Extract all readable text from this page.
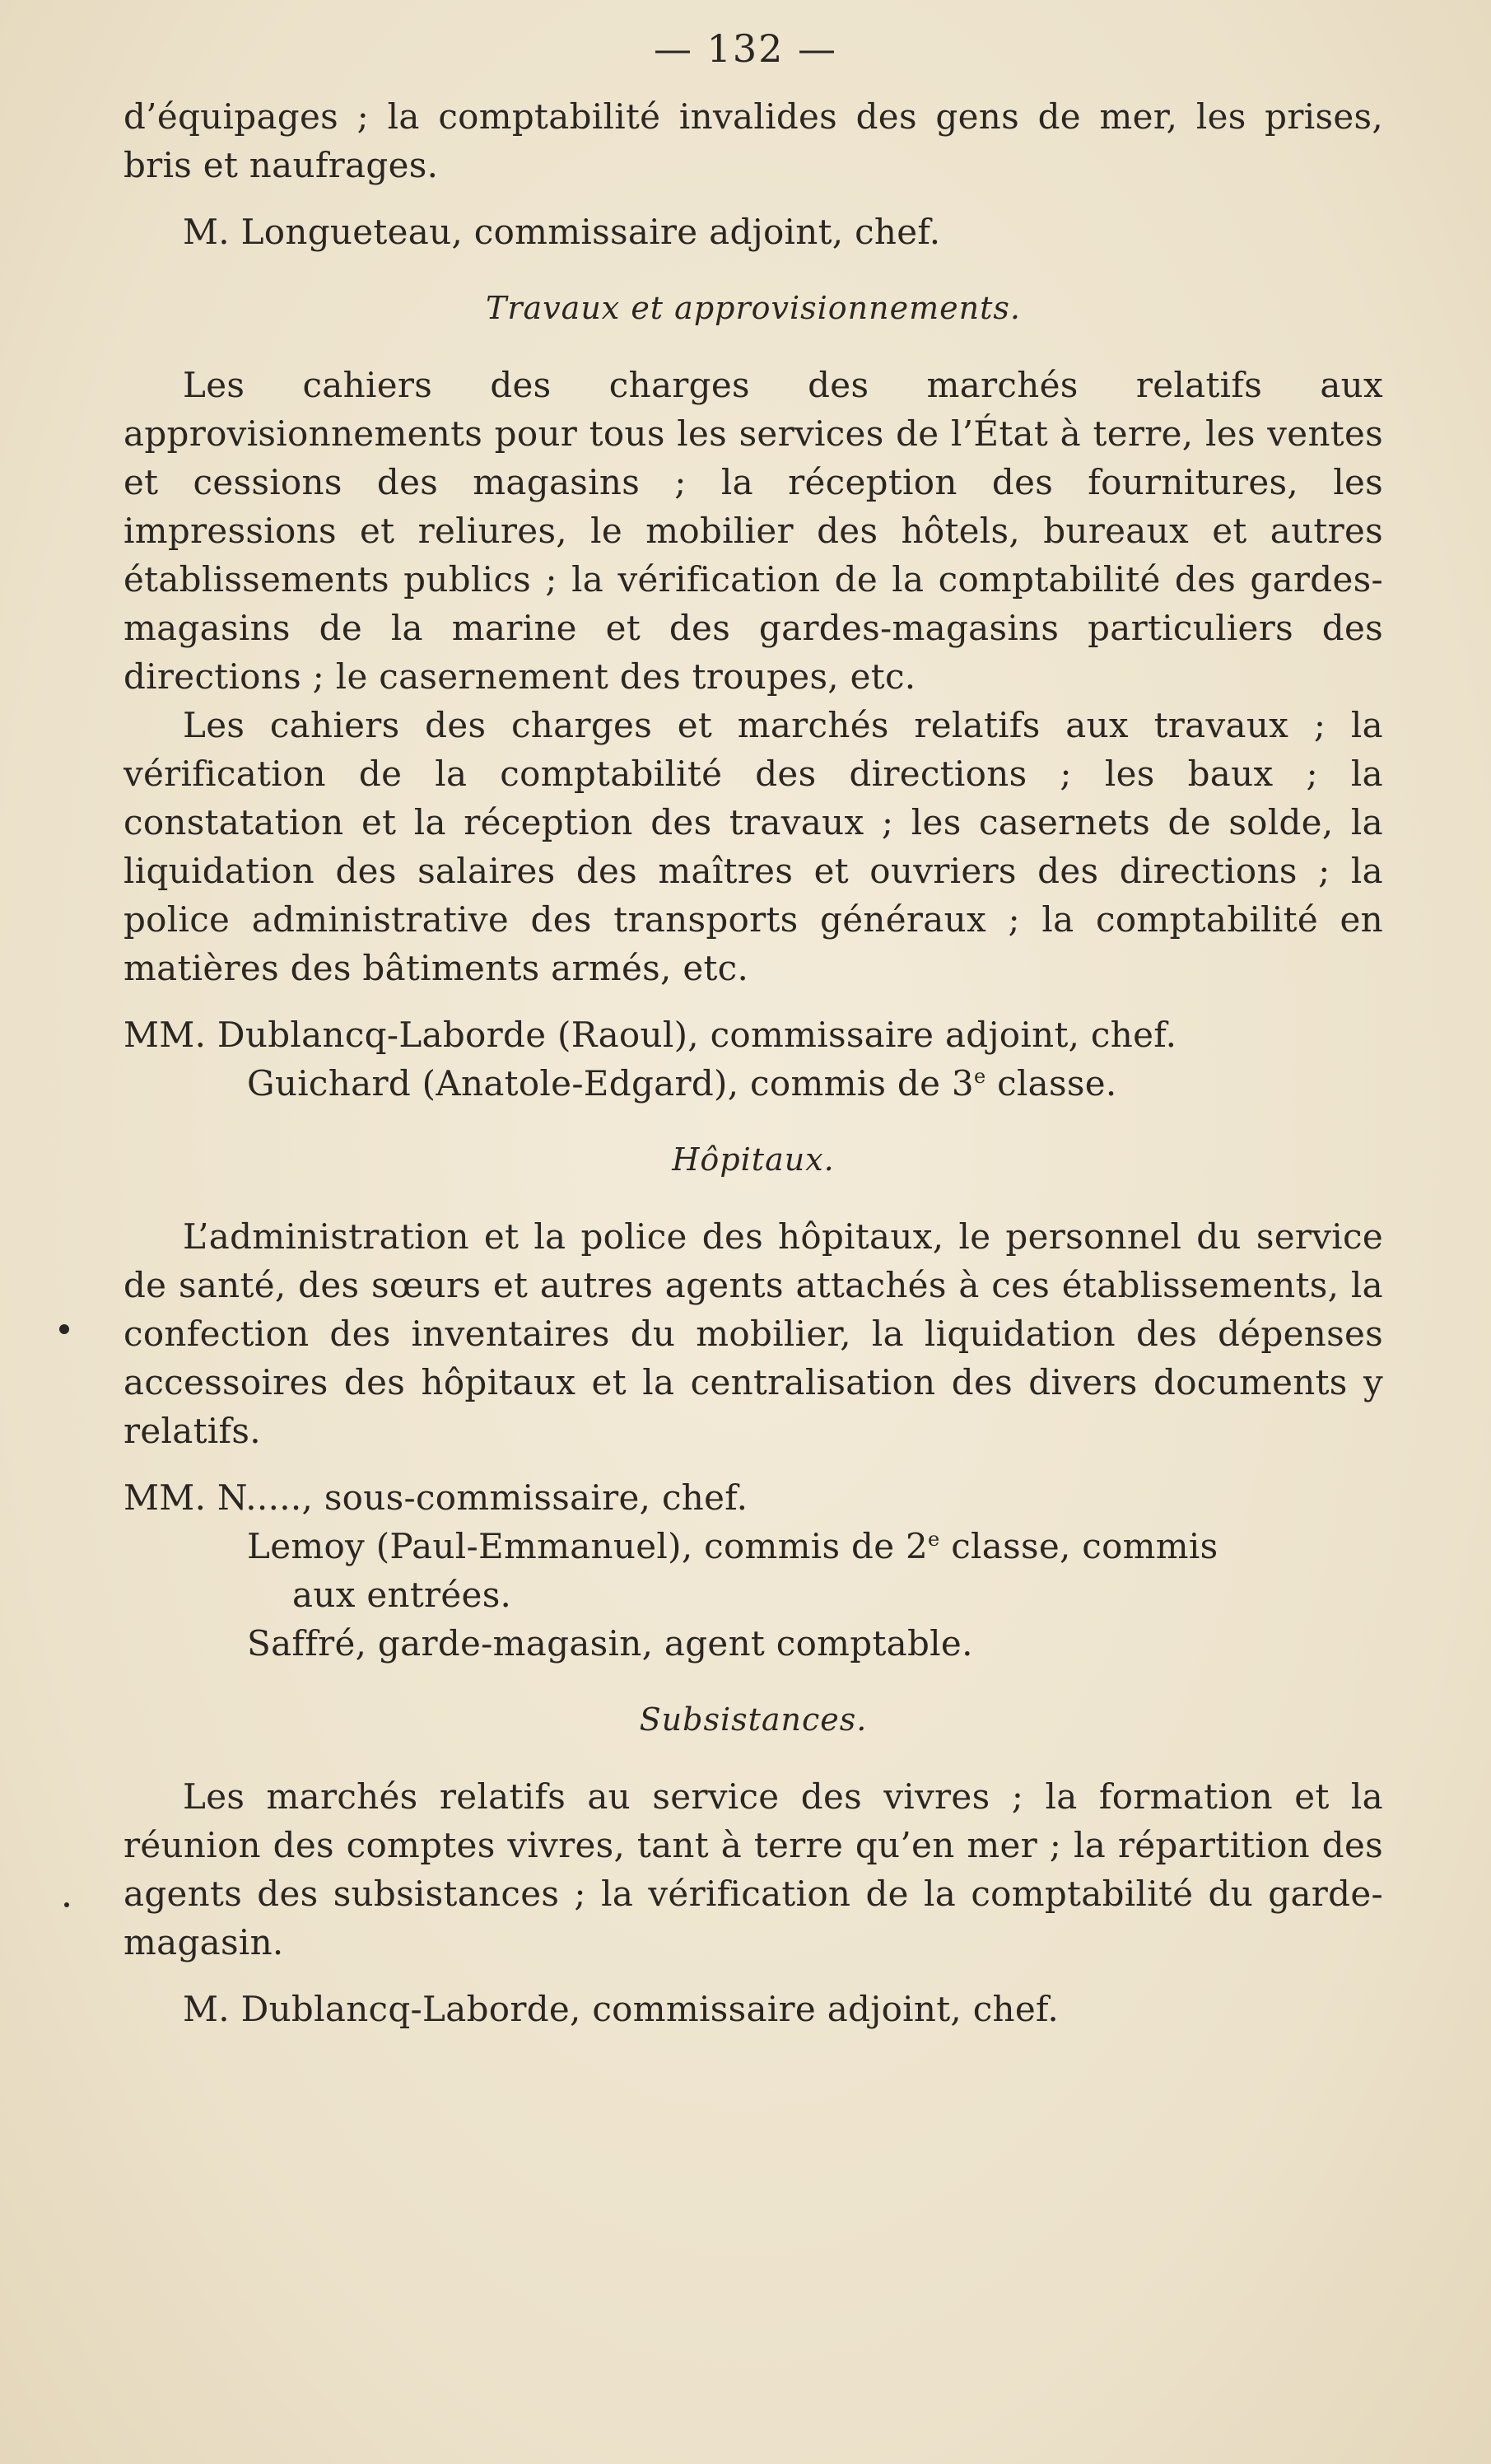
— 132 —

d’équipages ; la comptabilité invalides des gens de mer, les prises, bris et naufrages.

M. Longueteau, commissaire adjoint, chef.

Travaux et approvisionnements.

Les cahiers des charges des marchés relatifs aux approvisionnements pour tous les services de l’État à terre, les ventes et cessions des magasins ; la réception des fournitures, les impressions et reliures, le mobilier des hôtels, bureaux et autres établissements publics ; la vérification de la comptabilité des gardes-magasins de la marine et des gardes-magasins particuliers des directions ; le casernement des troupes, etc.

Les cahiers des charges et marchés relatifs aux travaux ; la vérification de la comptabilité des directions ; les baux ; la constatation et la réception des travaux ; les casernets de solde, la liquidation des salaires des maîtres et ouvriers des directions ; la police administrative des transports généraux ; la comptabilité en matières des bâtiments armés, etc.

MM. Dublancq-Laborde (Raoul), commissaire adjoint, chef.
Guichard (Anatole-Edgard), commis de 3e classe.

Hôpitaux.

L’administration et la police des hôpitaux, le personnel du service de santé, des sœurs et autres agents attachés à ces établissements, la confection des inventaires du mobilier, la liquidation des dépenses accessoires des hôpitaux et la centralisation des divers documents y relatifs.

MM. N....., sous-commissaire, chef.
Lemoy (Paul-Emmanuel), commis de 2e classe, commis
aux entrées.
Saffré, garde-magasin, agent comptable.

Subsistances.

Les marchés relatifs au service des vivres ; la formation et la réunion des comptes vivres, tant à terre qu’en mer ; la répartition des agents des subsistances ; la vérification de la comptabilité du garde-magasin.

M. Dublancq-Laborde, commissaire adjoint, chef.
